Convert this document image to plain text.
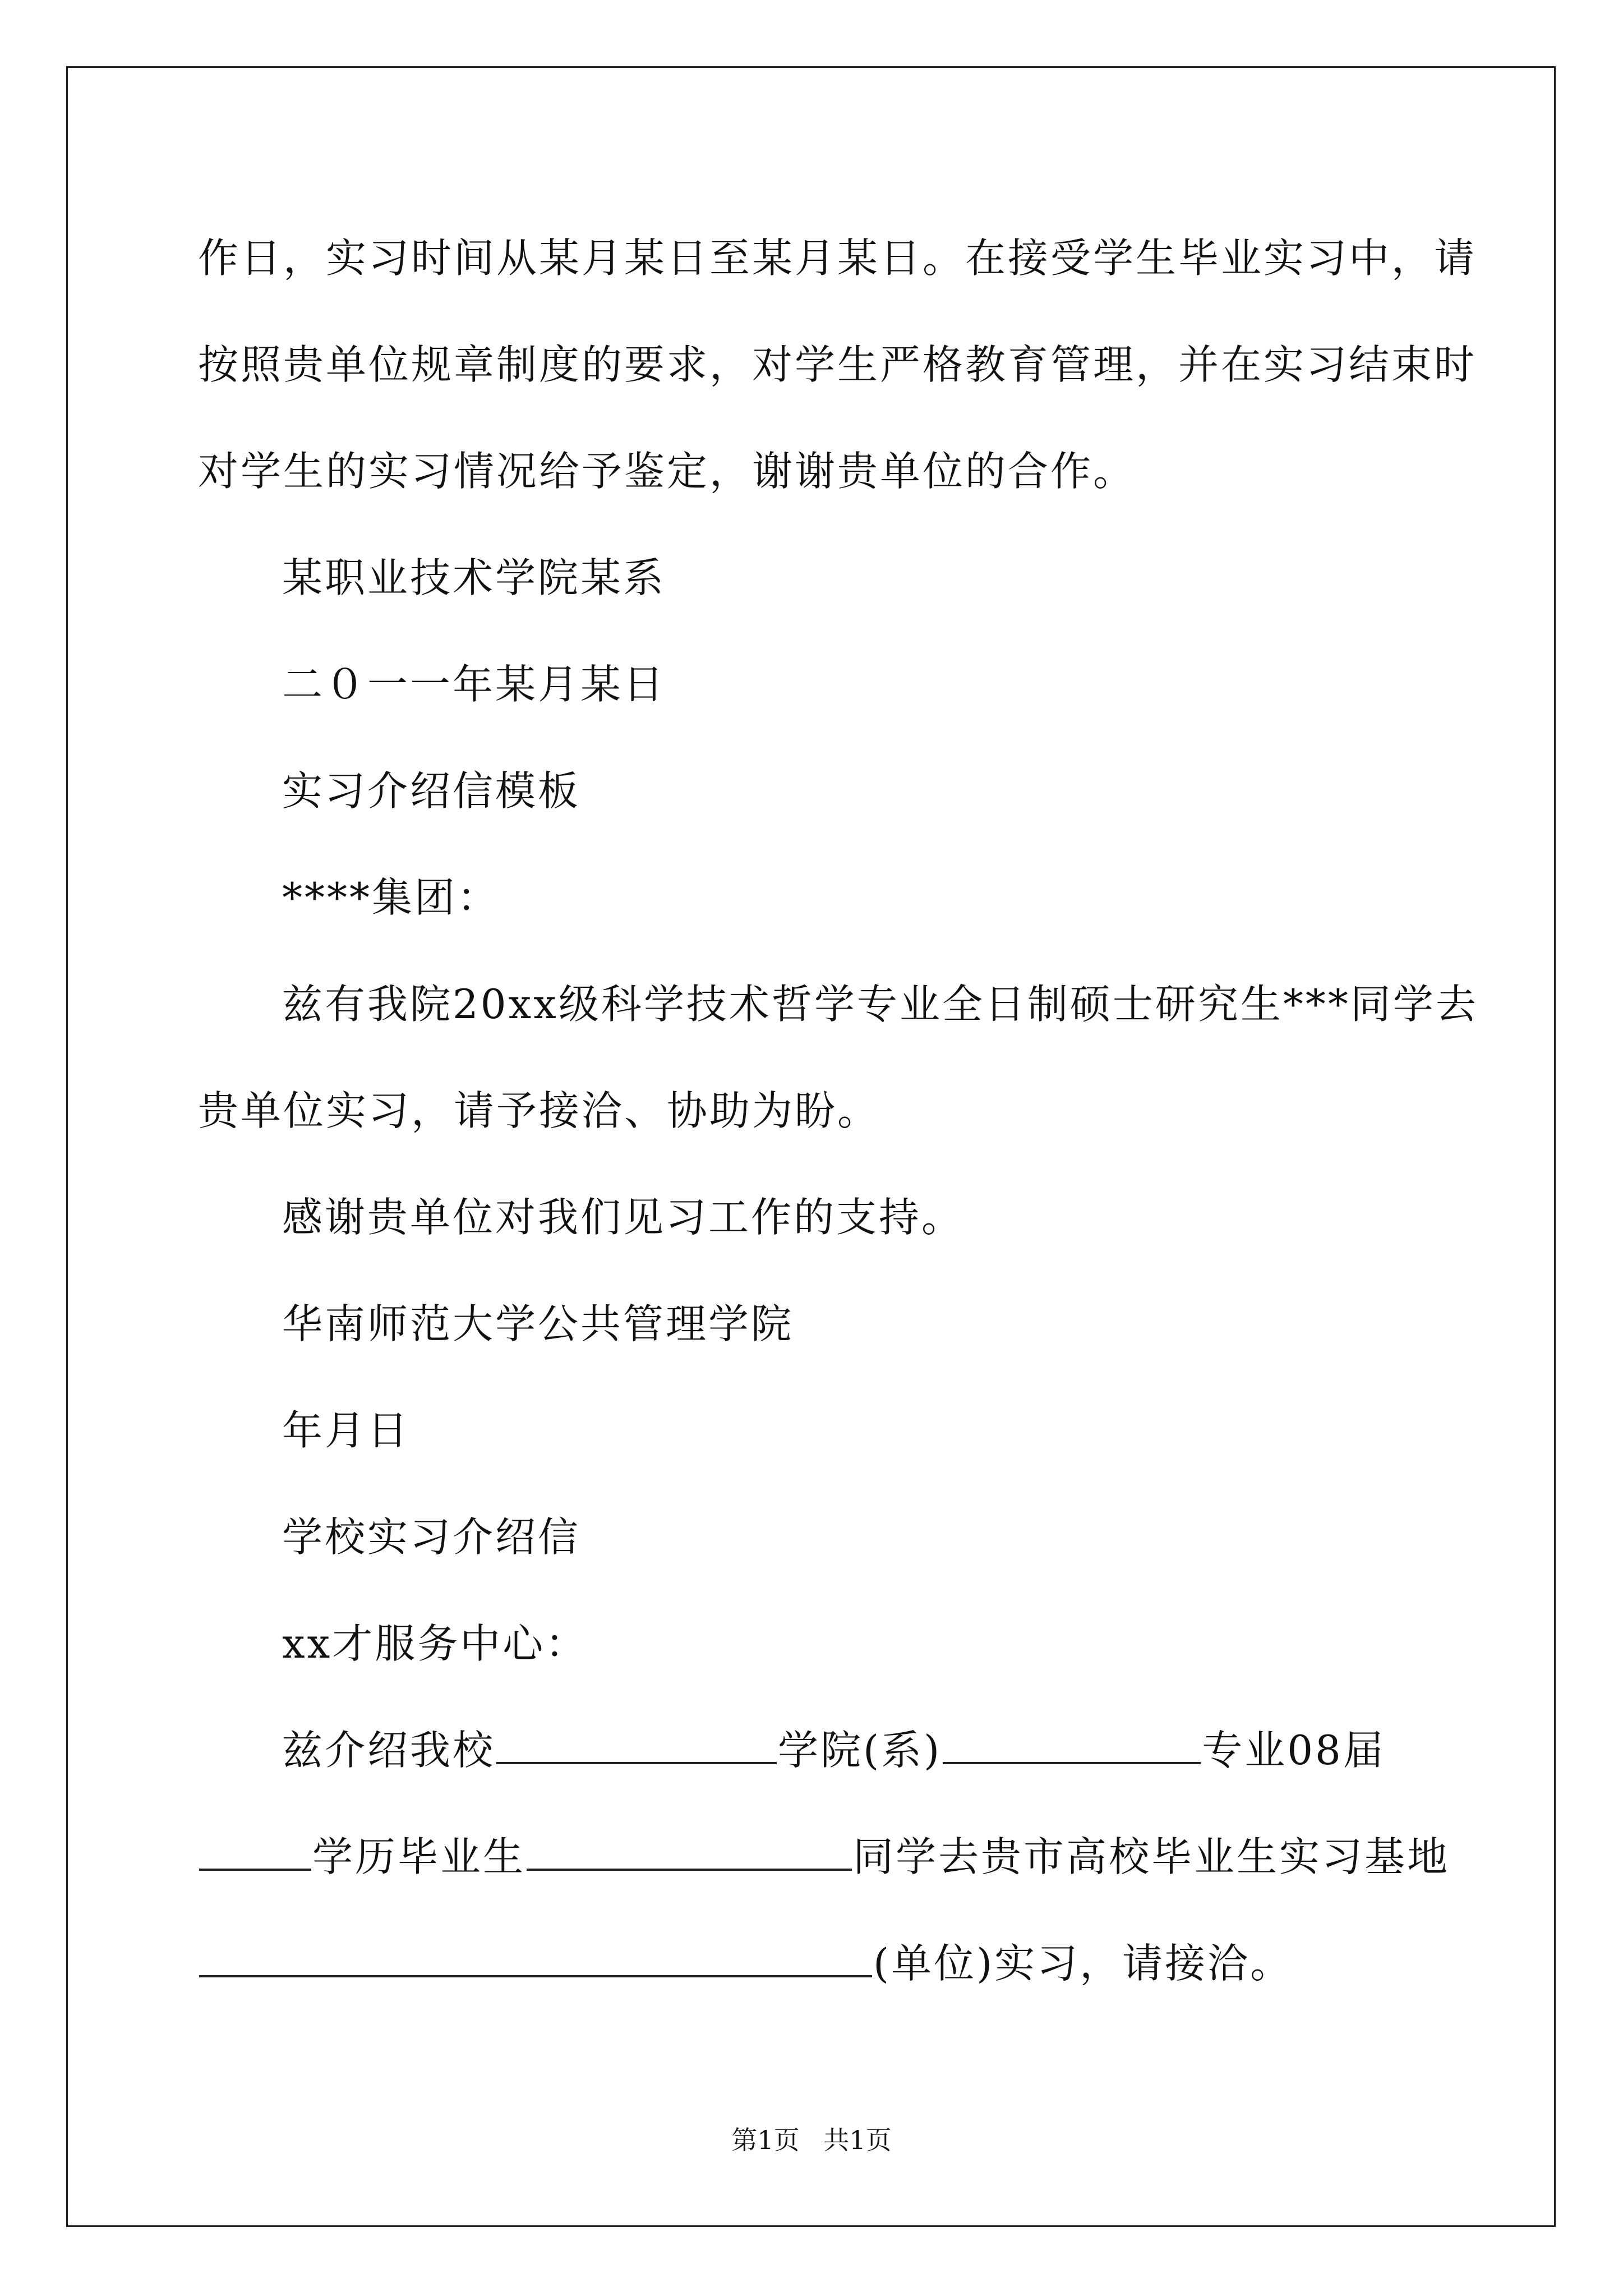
作日，实习时间从某月某日至某月某日。在接受学生毕业实习中，请
按照贵单位规章制度的要求，对学生严格教育管理，并在实习结束时
对学生的实习情况给予鉴定，谢谢贵单位的合作。
某职业技术学院某系
二０一一年某月某日
实习介绍信模板
****集团：
兹有我院20xx级科学技术哲学专业全日制硕士研究生***同学去
贵单位实习，请予接洽、协助为盼。
感谢贵单位对我们见习工作的支持。
华南师范大学公共管理学院
年月日
学校实习介绍信
xx才服务中心：
兹介绍我校	学院(系)	专业08届
学历毕业生	同学去贵市高校毕业生实习基地
(单位)实习，请接洽。
第1页 共1页
